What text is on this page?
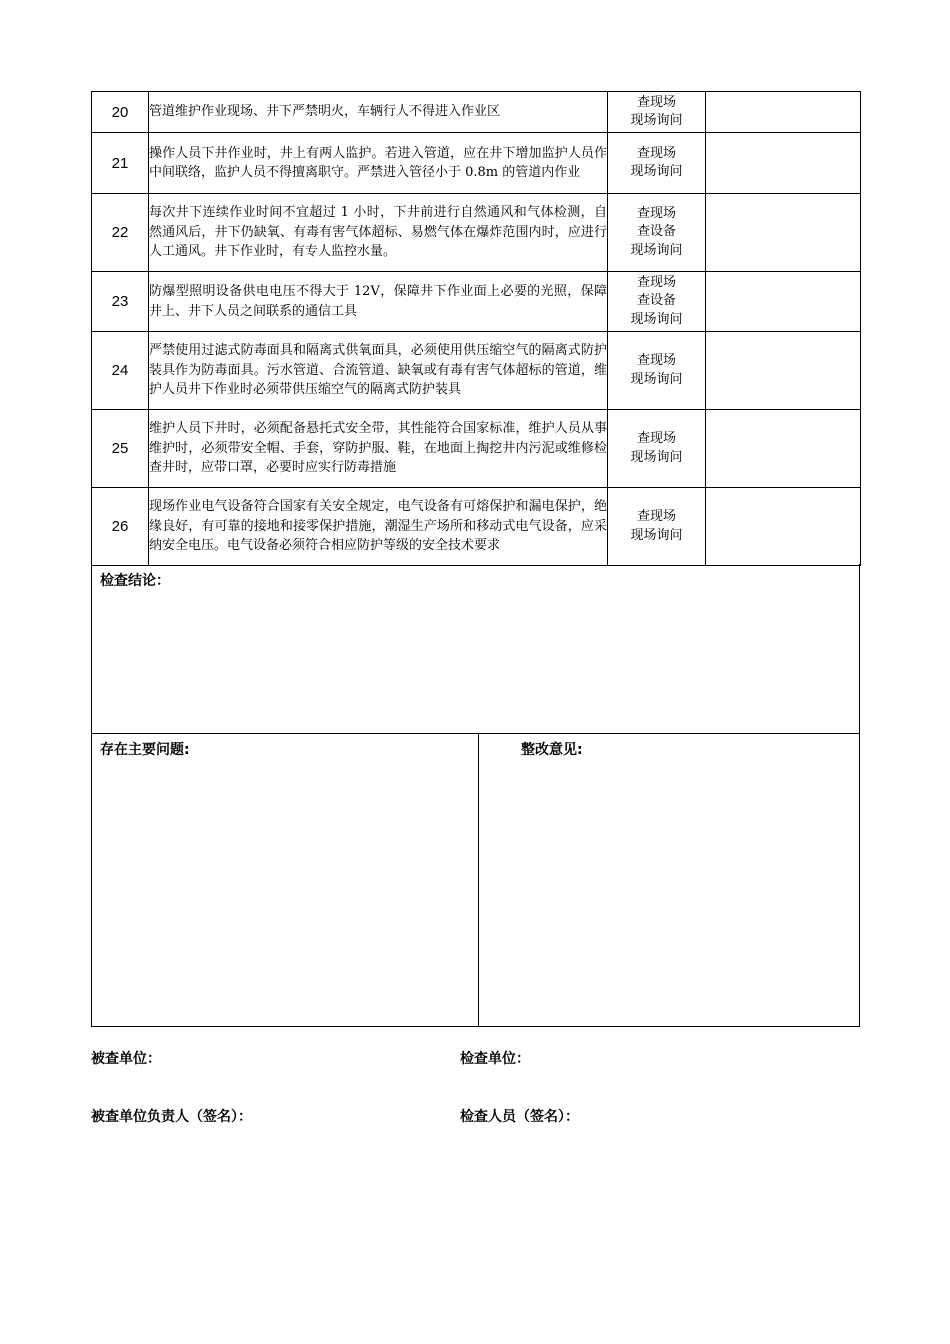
20	管道维护作业现场、井下严禁明火，车辆行人不得进入作业区	查现场
现场询问	

21	操作人员下井作业时，井上有两人监护。若进入管道，应在井下增加监护人员作中间联络，监护人员不得擅离职守。严禁进入管径小于 0.8m 的管道内作业	查现场
现场询问	

22	每次井下连续作业时间不宜超过 1 小时，下井前进行自然通风和气体检测，自然通风后，井下仍缺氧、有毒有害气体超标、易燃气体在爆炸范围内时，应进行人工通风。井下作业时，有专人监控水量。	查现场
查设备
现场询问	

23	防爆型照明设备供电电压不得大于 12V，保障井下作业面上必要的光照，保障井上、井下人员之间联系的通信工具	查现场
查设备
现场询问	

24	严禁使用过滤式防毒面具和隔离式供氧面具，必须使用供压缩空气的隔离式防护装具作为防毒面具。污水管道、合流管道、缺氧或有毒有害气体超标的管道，维护人员井下作业时必须带供压缩空气的隔离式防护装具	查现场
现场询问	

25	维护人员下井时，必须配备悬托式安全带，其性能符合国家标准，维护人员从事维护时，必须带安全帽、手套，穿防护服、鞋，在地面上掏挖井内污泥或维修检查井时，应带口罩，必要时应实行防毒措施	查现场
现场询问	

26	现场作业电气设备符合国家有关安全规定，电气设备有可熔保护和漏电保护，绝缘良好，有可靠的接地和接零保护措施，潮湿生产场所和移动式电气设备，应采纳安全电压。电气设备必须符合相应防护等级的安全技术要求	查现场
现场询问	

检查结论：
存在主要问题:	整改意见:
被查单位：	检查单位：
被查单位负责人（签名）：	检查人员（签名）：
